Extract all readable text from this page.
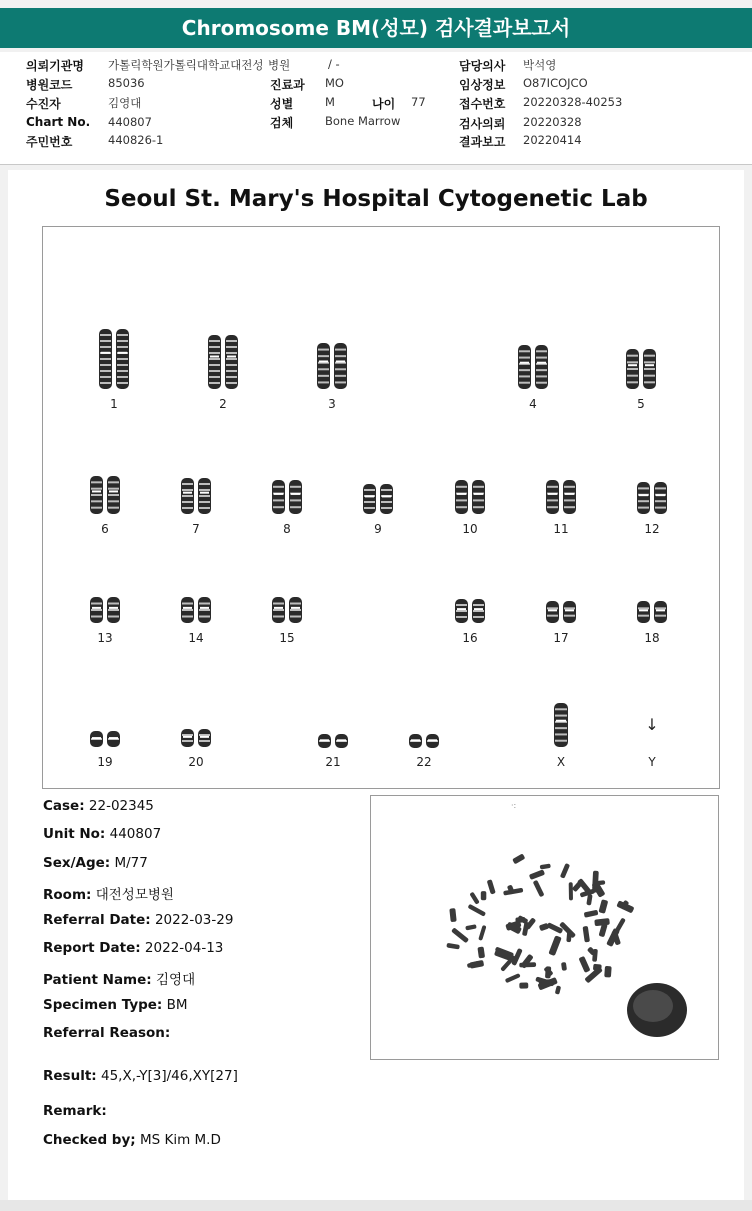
Chromosome BM(성모) 검사결과보고서
의뢰기관명 가톨릭학원가톨릭대학교대전성 병원	/ -	담당의사 박석영
병원코드	85036	진료과 MO	임상정보 O87ICOJCO
수진자	김영대	성별	M	나이 77	접수번호 20220328-40253
Chart No. 440807	검체	Bone Marrow	검사의뢰 20220328
주민번호	440826-1	결과보고 20220414
Seoul St. Mary's Hospital Cytogenetic Lab
1	2	3	4	5
6	7	8	9	10	11	12
13	14	15	16	17	18
19	20	21	22	X
↓
Y
·:
Case: 22-02345
Unit No: 440807
Sex/Age: M/77
Room: 대전성모병원
Referral Date: 2022-03-29
Report Date: 2022-04-13
Patient Name: 김영대
Specimen Type: BM
Referral Reason:
Result: 45,X,-Y[3]/46,XY[27]
Remark:
Checked by; MS Kim M.D
